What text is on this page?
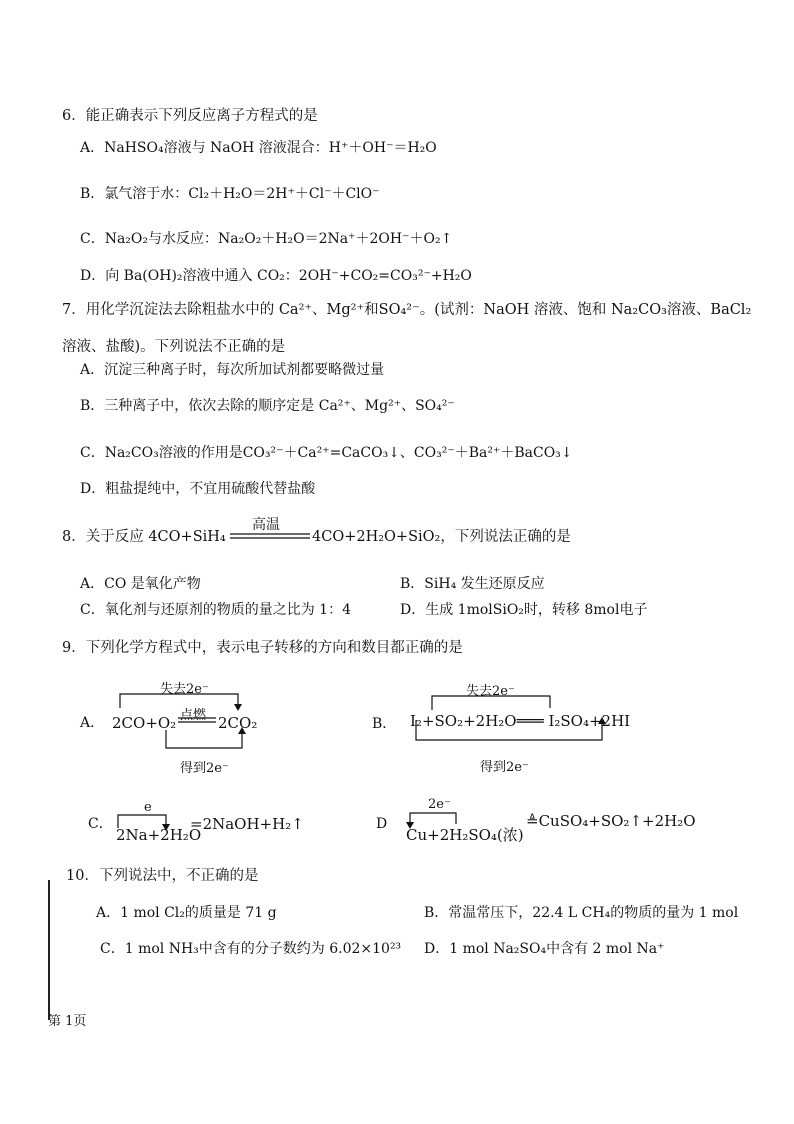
6．能正确表示下列反应离子方程式的是
A．NaHSO₄溶液与 NaOH 溶液混合：H⁺＋OH⁻＝H₂O
B．氯气溶于水：Cl₂＋H₂O＝2H⁺＋Cl⁻＋ClO⁻
C．Na₂O₂与水反应：Na₂O₂＋H₂O＝2Na⁺＋2OH⁻＋O₂↑
D．向 Ba(OH)₂溶液中通入 CO₂：2OH⁻+CO₂=CO₃²⁻+H₂O
7．用化学沉淀法去除粗盐水中的 Ca²⁺、Mg²⁺和SO₄²⁻。(试剂：NaOH 溶液、饱和 Na₂CO₃溶液、BaCl₂
溶液、盐酸)。下列说法不正确的是
A．沉淀三种离子时，每次所加试剂都要略微过量
B．三种离子中，依次去除的顺序定是 Ca²⁺、Mg²⁺、SO₄²⁻
C．Na₂CO₃溶液的作用是CO₃²⁻＋Ca²⁺=CaCO₃↓、CO₃²⁻＋Ba²⁺＋BaCO₃↓
D．粗盐提纯中，不宜用硫酸代替盐酸
8．关于反应 4CO+SiH₄
高温
4CO+2H₂O+SiO₂，下列说法正确的是
A．CO 是氧化产物	B．SiH₄ 发生还原反应
C．氧化剂与还原剂的物质的量之比为 1：4	D．生成 1molSiO₂时，转移 8mol电子
9．下列化学方程式中，表示电子转移的方向和数目都正确的是
A．
失去2e⁻
点燃
2CO+O₂	2CO₂
得到2e⁻
B．
失去2e⁻
I₂+SO₂+2H₂O═══ I₂SO₄+2HI
得到2e⁻
C．
e
2Na+2H₂O
=2NaOH+H₂↑	D
2e⁻
Cu+2H₂SO₄(浓)
≜CuSO₄+SO₂↑+2H₂O
10．下列说法中，不正确的是
A．1 mol Cl₂的质量是 71 g	B．常温常压下，22.4 L CH₄的物质的量为 1 mol
C．1 mol NH₃中含有的分子数约为 6.02×10²³ D．1 mol Na₂SO₄中含有 2 mol Na⁺
第 1页
